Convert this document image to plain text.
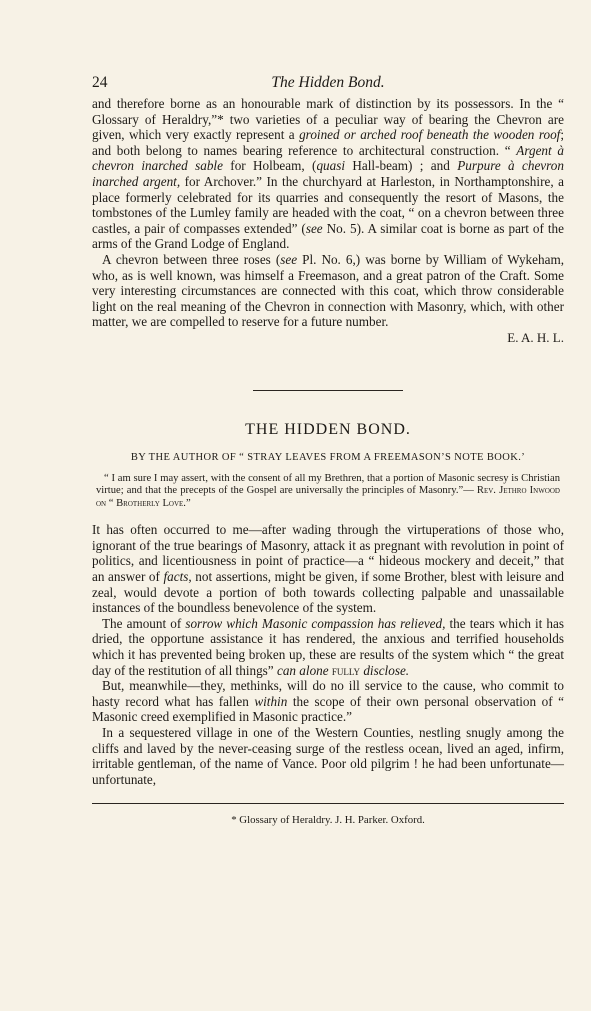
24	The Hidden Bond.

and therefore borne as an honourable mark of distinction by its possessors. In the “ Glossary of Heraldry,”* two varieties of a peculiar way of bearing the Chevron are given, which very exactly represent a groined or arched roof beneath the wooden roof; and both belong to names bearing reference to architectural construction. “ Argent à chevron inarched sable for Holbeam, (quasi Hall-beam) ; and Purpure à chevron inarched argent, for Archover.” In the churchyard at Harleston, in Northamptonshire, a place formerly celebrated for its quarries and consequently the resort of Masons, the tombstones of the Lumley family are headed with the coat, “ on a chevron between three castles, a pair of compasses extended” (see No. 5). A similar coat is borne as part of the arms of the Grand Lodge of England.

A chevron between three roses (see Pl. No. 6,) was borne by William of Wykeham, who, as is well known, was himself a Freemason, and a great patron of the Craft. Some very interesting circumstances are connected with this coat, which throw considerable light on the real meaning of the Chevron in connection with Masonry, which, with other matter, we are compelled to reserve for a future number.

E. A. H. L.
THE HIDDEN BOND.
BY THE AUTHOR OF “ STRAY LEAVES FROM A FREEMASON’S NOTE BOOK.’

“ I am sure I may assert, with the consent of all my Brethren, that a portion of Masonic secresy is Christian virtue; and that the precepts of the Gospel are universally the principles of Masonry.”— Rev. Jethro Inwood on “ Brotherly Love.”

It has often occurred to me—after wading through the virtuperations of those who, ignorant of the true bearings of Masonry, attack it as pregnant with revolution in point of politics, and licentiousness in point of practice—a “ hideous mockery and deceit,” that an answer of facts, not assertions, might be given, if some Brother, blest with leisure and zeal, would devote a portion of both towards collecting palpable and unassailable instances of the boundless benevolence of the system.

The amount of sorrow which Masonic compassion has relieved, the tears which it has dried, the opportune assistance it has rendered, the anxious and terrified households which it has prevented being broken up, these are results of the system which “ the great day of the restitution of all things” can alone fully disclose.

But, meanwhile—they, methinks, will do no ill service to the cause, who commit to hasty record what has fallen within the scope of their own personal observation of “ Masonic creed exemplified in Masonic practice.”

In a sequestered village in one of the Western Counties, nestling snugly among the cliffs and laved by the never-ceasing surge of the restless ocean, lived an aged, infirm, irritable gentleman, of the name of Vance. Poor old pilgrim ! he had been unfortunate—unfortunate,

* Glossary of Heraldry. J. H. Parker. Oxford.
